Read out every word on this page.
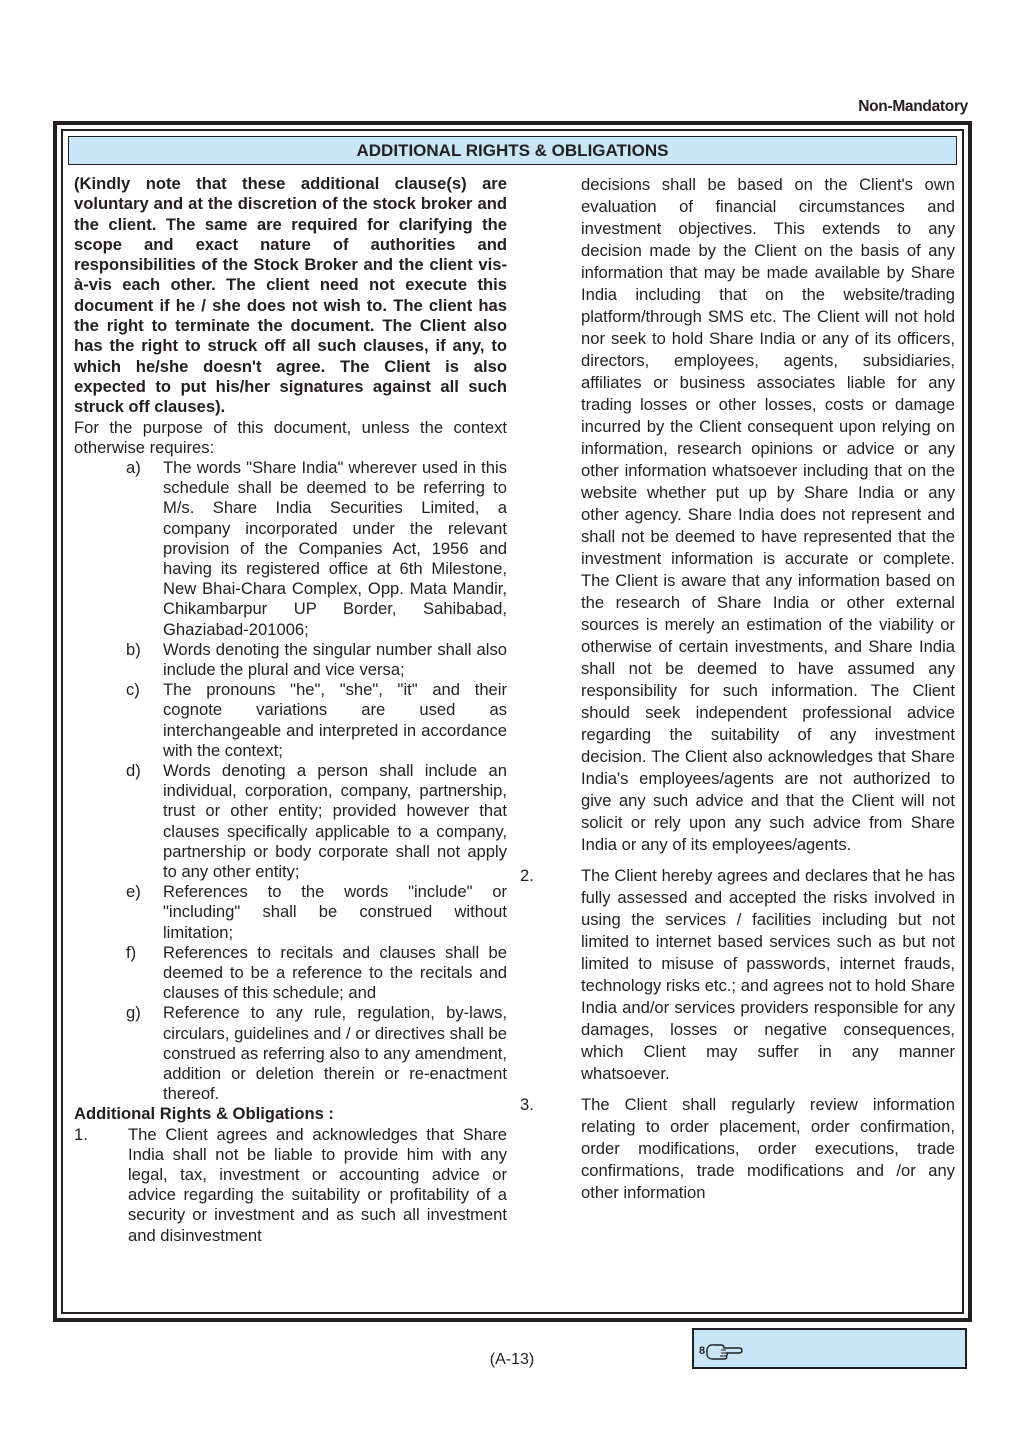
Non-Mandatory
ADDITIONAL RIGHTS & OBLIGATIONS

(Kindly note that these additional clause(s) are voluntary and at the discretion of the stock broker and the client. The same are required for clarifying the scope and exact nature of authorities and responsibilities of the Stock Broker and the client vis-à-vis each other. The client need not execute this document if he / she does not wish to. The client has the right to terminate the document. The Client also has the right to struck off all such clauses, if any, to which he/she doesn't agree. The Client is also expected to put his/her signatures against all such struck off clauses).

For the purpose of this document, unless the context otherwise requires:

a) The words "Share India" wherever used in this schedule shall be deemed to be referring to M/s. Share India Securities Limited, a company incorporated under the relevant provision of the Companies Act, 1956 and having its registered office at 6th Milestone, New Bhai-Chara Complex, Opp. Mata Mandir, Chikambarpur UP Border, Sahibabad, Ghaziabad-201006;
b) Words denoting the singular number shall also include the plural and vice versa;
c) The pronouns "he", "she", "it" and their cognote variations are used as interchangeable and interpreted in accordance with the context;
d) Words denoting a person shall include an individual, corporation, company, partnership, trust or other entity; provided however that clauses specifically applicable to a company, partnership or body corporate shall not apply to any other entity;
e) References to the words "include" or "including" shall be construed without limitation;
f) References to recitals and clauses shall be deemed to be a reference to the recitals and clauses of this schedule; and
g) Reference to any rule, regulation, by-laws, circulars, guidelines and / or directives shall be construed as referring also to any amendment, addition or deletion therein or re-enactment thereof.

Additional Rights & Obligations :

1. The Client agrees and acknowledges that Share India shall not be liable to provide him with any legal, tax, investment or accounting advice or advice regarding the suitability or profitability of a security or investment and as such all investment and disinvestment
decisions shall be based on the Client's own evaluation of financial circumstances and investment objectives. This extends to any decision made by the Client on the basis of any information that may be made available by Share India including that on the website/trading platform/through SMS etc. The Client will not hold nor seek to hold Share India or any of its officers, directors, employees, agents, subsidiaries, affiliates or business associates liable for any trading losses or other losses, costs or damage incurred by the Client consequent upon relying on information, research opinions or advice or any other information whatsoever including that on the website whether put up by Share India or any other agency. Share India does not represent and shall not be deemed to have represented that the investment information is accurate or complete. The Client is aware that any information based on the research of Share India or other external sources is merely an estimation of the viability or otherwise of certain investments, and Share India shall not be deemed to have assumed any responsibility for such information. The Client should seek independent professional advice regarding the suitability of any investment decision. The Client also acknowledges that Share India's employees/agents are not authorized to give any such advice and that the Client will not solicit or rely upon any such advice from Share India or any of its employees/agents.
2.	The Client hereby agrees and declares that he has fully assessed and accepted the risks involved in using the services / facilities including but not limited to internet based services such as but not limited to misuse of passwords, internet frauds, technology risks etc.; and agrees not to hold Share India and/or services providers responsible for any damages, losses or negative consequences, which Client may suffer in any manner whatsoever.
3.	The Client shall regularly review information relating to order placement, order confirmation, order modifications, order executions, trade confirmations, trade modifications and /or any other information
(A-13)	8
